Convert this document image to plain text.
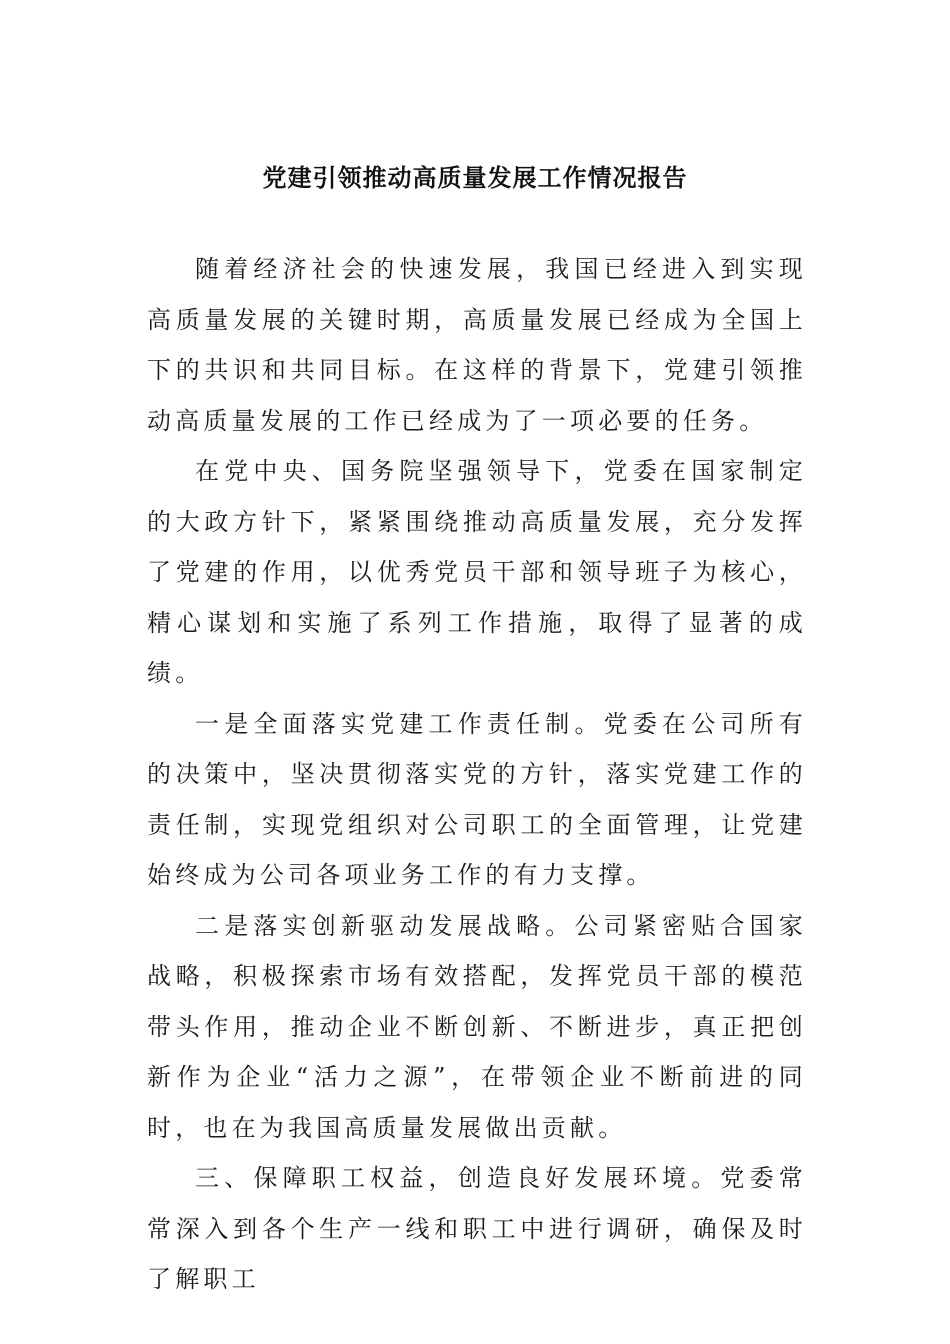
党建引领推动高质量发展工作情况报告

随着经济社会的快速发展，我国已经进入到实现高质量发展的关键时期，高质量发展已经成为全国上下的共识和共同目标。在这样的背景下，党建引领推动高质量发展的工作已经成为了一项必要的任务。

在党中央、国务院坚强领导下，党委在国家制定的大政方针下，紧紧围绕推动高质量发展，充分发挥了党建的作用，以优秀党员干部和领导班子为核心，精心谋划和实施了系列工作措施，取得了显著的成绩。

一是全面落实党建工作责任制。党委在公司所有的决策中，坚决贯彻落实党的方针，落实党建工作的责任制，实现党组织对公司职工的全面管理，让党建始终成为公司各项业务工作的有力支撑。

二是落实创新驱动发展战略。公司紧密贴合国家战略，积极探索市场有效搭配，发挥党员干部的模范带头作用，推动企业不断创新、不断进步，真正把创新作为企业“活力之源”，在带领企业不断前进的同时，也在为我国高质量发展做出贡献。

三、保障职工权益，创造良好发展环境。党委常常深入到各个生产一线和职工中进行调研，确保及时了解职工
